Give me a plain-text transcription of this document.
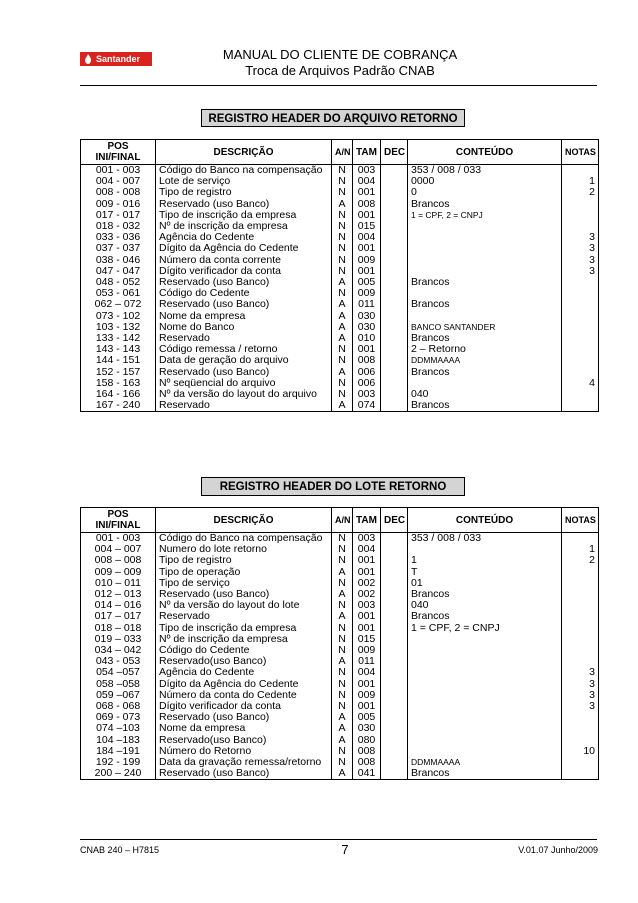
Santander	MANUAL DO CLIENTE DE COBRANÇA
Troca de Arquivos Padrão CNAB
REGISTRO HEADER DO ARQUIVO RETORNO
POS
INI/FINAL	DESCRIÇÃO	A/N	TAM	DEC	CONTEÚDO	NOTAS
001 - 003	Código do Banco na compensação	N	003		353 / 008 / 033	
004 - 007	Lote de serviço	N	004		0000	1
008 - 008	Tipo de registro	N	001		0	2
009 - 016	Reservado (uso Banco)	A	008		Brancos	
017 - 017	Tipo de inscrição da empresa	N	001		1 = CPF, 2 = CNPJ	
018 - 032	Nº de inscrição da empresa	N	015			
033 - 036	Agência do Cedente	N	004			3
037 - 037	Dígito da Agência do Cedente	N	001			3
038 - 046	Número da conta corrente	N	009			3
047 - 047	Dígito verificador da conta	N	001			3
048 - 052	Reservado (uso Banco)	A	005		Brancos	
053 - 061	Código do Cedente	N	009			
062 – 072	Reservado (uso Banco)	A	011		Brancos	
073 - 102	Nome da empresa	A	030			
103 - 132	Nome do Banco	A	030		BANCO SANTANDER	
133 - 142	Reservado	A	010		Brancos	
143 - 143	Código remessa / retorno	N	001		2 – Retorno	
144 - 151	Data de geração do arquivo	N	008		DDMMAAAA	
152 - 157	Reservado (uso Banco)	A	006		Brancos	
158 - 163	Nº seqüencial do arquivo	N	006			4
164 - 166	Nº da versão do layout do arquivo	N	003		040	
167 - 240	Reservado	A	074		Brancos	
REGISTRO HEADER DO LOTE RETORNO
POS
INI/FINAL	DESCRIÇÃO	A/N	TAM	DEC	CONTEÚDO	NOTAS
001 - 003	Código do Banco na compensação	N	003		353 / 008 / 033	
004 – 007	Numero do lote retorno	N	004			1
008 – 008	Tipo de registro	N	001		1	2
009 – 009	Tipo de operação	A	001		T	
010 – 011	Tipo de serviço	N	002		01	
012 – 013	Reservado (uso Banco)	A	002		Brancos	
014 – 016	Nº da versão do layout do lote	N	003		040	
017 – 017	Reservado	A	001		Brancos	
018 – 018	Tipo de inscrição da empresa	N	001		1 = CPF, 2 = CNPJ	
019 – 033	Nº de inscrição da empresa	N	015			
034 – 042	Código do Cedente	N	009			
043 - 053	Reservado(uso Banco)	A	011			
054 –057	Agência do Cedente	N	004			3
058 –058	Dígito da Agência do Cedente	N	001			3
059 –067	Número da conta do Cedente	N	009			3
068 - 068	Dígito verificador da conta	N	001			3
069 - 073	Reservado (uso Banco)	A	005			
074 –103	Nome da empresa	A	030			
104 –183	Reservado(uso Banco)	A	080			
184 –191	Número do Retorno	N	008			10
192 - 199	Data da gravação remessa/retorno	N	008		DDMMAAAA	
200 – 240	Reservado (uso Banco)	A	041		Brancos	
CNAB 240 – H7815	7	V.01.07 Junho/2009
